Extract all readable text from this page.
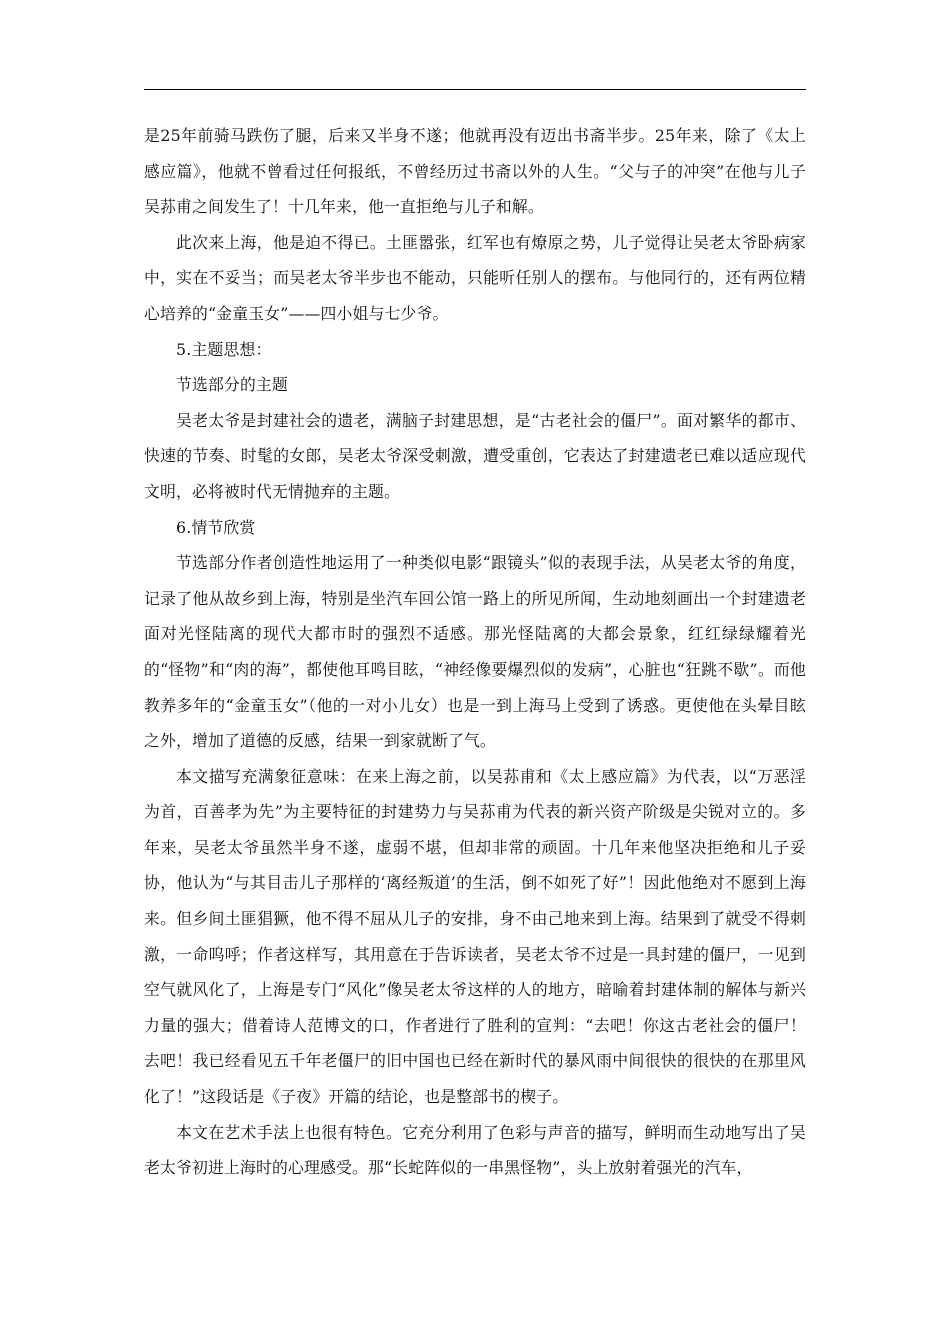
是25年前骑马跌伤了腿，后来又半身不遂；他就再没有迈出书斋半步。25年来，除了《太上感应篇》，他就不曾看过任何报纸，不曾经历过书斋以外的人生。“父与子的冲突”在他与儿子吴荪甫之间发生了！十几年来，他一直拒绝与儿子和解。

此次来上海，他是迫不得已。土匪嚣张，红军也有燎原之势，儿子觉得让吴老太爷卧病家中，实在不妥当；而吴老太爷半步也不能动，只能听任别人的摆布。与他同行的，还有两位精心培养的“金童玉女”——四小姐与七少爷。

5.主题思想：

节选部分的主题

吴老太爷是封建社会的遗老，满脑子封建思想，是“古老社会的僵尸”。面对繁华的都市、快速的节奏、时髦的女郎，吴老太爷深受刺激，遭受重创，它表达了封建遗老已难以适应现代文明，必将被时代无情抛弃的主题。

6.情节欣赏

节选部分作者创造性地运用了一种类似电影“跟镜头”似的表现手法，从吴老太爷的角度，记录了他从故乡到上海，特别是坐汽车回公馆一路上的所见所闻，生动地刻画出一个封建遗老面对光怪陆离的现代大都市时的强烈不适感。那光怪陆离的大都会景象，红红绿绿耀着光的“怪物”和“肉的海”，都使他耳鸣目眩，“神经像要爆烈似的发病”，心脏也“狂跳不歇”。而他教养多年的“金童玉女”（他的一对小儿女）也是一到上海马上受到了诱惑。更使他在头晕目眩之外，增加了道德的反感，结果一到家就断了气。

本文描写充满象征意味：在来上海之前，以吴荪甫和《太上感应篇》为代表，以“万恶淫为首，百善孝为先”为主要特征的封建势力与吴荪甫为代表的新兴资产阶级是尖锐对立的。多年来，吴老太爷虽然半身不遂，虚弱不堪，但却非常的顽固。十几年来他坚决拒绝和儿子妥协，他认为“与其目击儿子那样的‘离经叛道’的生活，倒不如死了好”！因此他绝对不愿到上海来。但乡间土匪猖獗，他不得不屈从儿子的安排，身不由己地来到上海。结果到了就受不得刺激，一命呜呼；作者这样写，其用意在于告诉读者，吴老太爷不过是一具封建的僵尸，一见到空气就风化了，上海是专门“风化”像吴老太爷这样的人的地方，暗喻着封建体制的解体与新兴力量的强大；借着诗人范博文的口，作者进行了胜利的宣判：“去吧！你这古老社会的僵尸！去吧！我已经看见五千年老僵尸的旧中国也已经在新时代的暴风雨中间很快的很快的在那里风化了！”这段话是《子夜》开篇的结论，也是整部书的楔子。

本文在艺术手法上也很有特色。它充分利用了色彩与声音的描写，鲜明而生动地写出了吴老太爷初进上海时的心理感受。那“长蛇阵似的一串黑怪物”，头上放射着强光的汽车，
